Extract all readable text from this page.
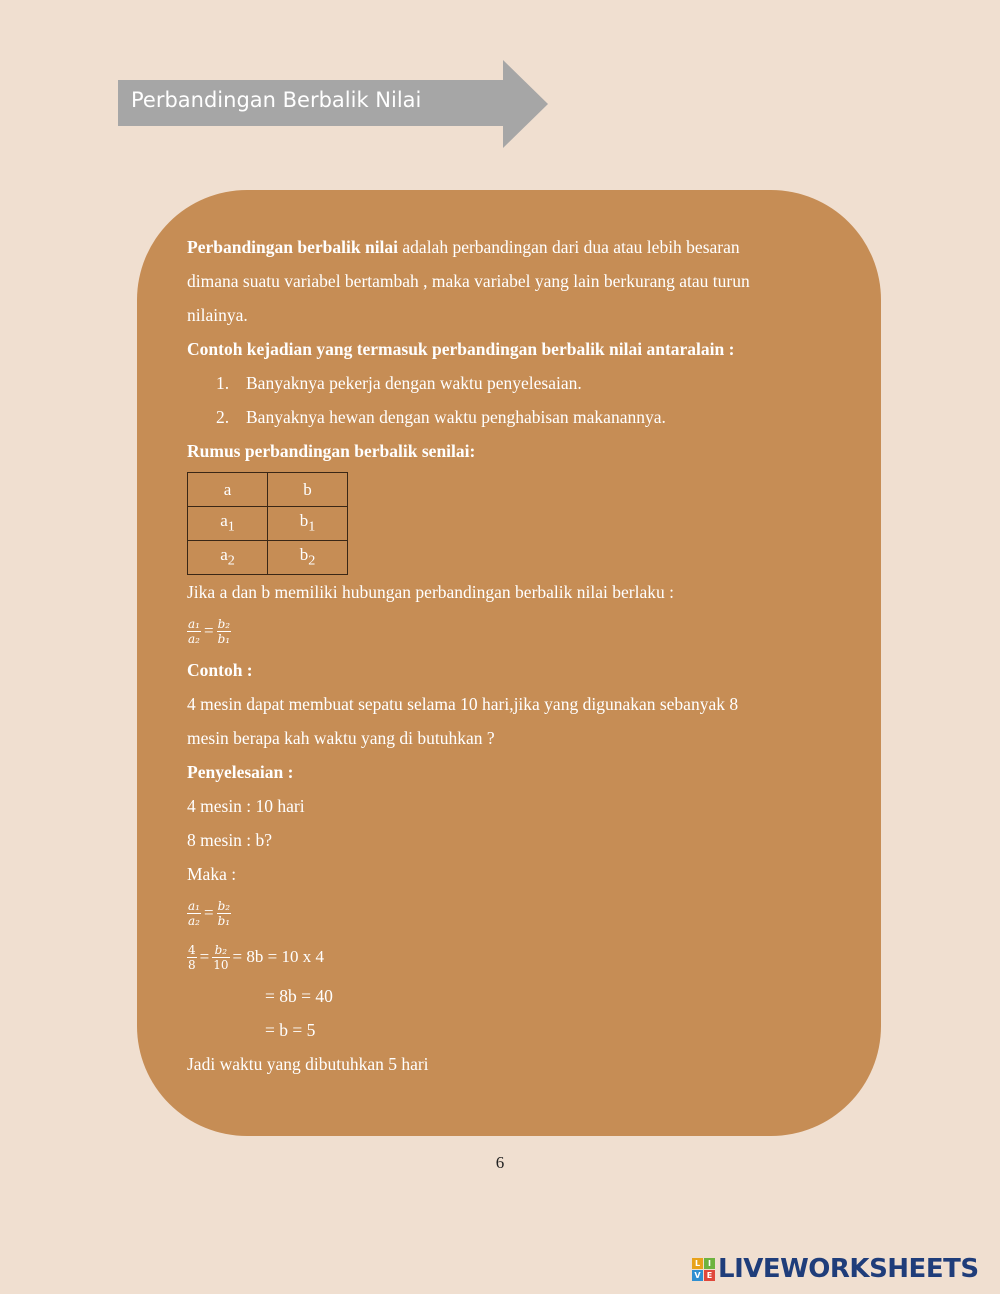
Perbandingan Berbalik Nilai
Perbandingan berbalik nilai adalah perbandingan dari dua atau lebih besaran
dimana suatu variabel bertambah , maka variabel yang lain berkurang atau turun
nilainya.
Contoh kejadian yang termasuk perbandingan berbalik nilai antaralain :
1. Banyaknya pekerja dengan waktu penyelesaian.
2. Banyaknya hewan dengan waktu penghabisan makanannya.
Rumus perbandingan berbalik senilai:
a	b
$a_1$	$b_1$
$a_2$	$b_2$
Jika a dan b memiliki hubungan perbandingan berbalik nilai berlaku :
$\frac{\text{a₁}}{\text{a₂}} = \frac{\text{b₂}}{\text{b₁}}$
Contoh :
4 mesin dapat membuat sepatu selama 10 hari,jika yang digunakan sebanyak 8
mesin berapa kah waktu yang di butuhkan ?
Penyelesaian :
4 mesin : 10 hari
8 mesin : b?
Maka :
$\frac{\text{a₁}}{\text{a₂}} = \frac{\text{b₂}}{\text{b₁}}$
$\frac{4}{8} = \frac{\text{b₂}}{10} = 8b = 10$ x 4
= 8b = 40
= b = 5
Jadi waktu yang dibutuhkan 5 hari
6
L I
V E LIVEWORKSHEETS
